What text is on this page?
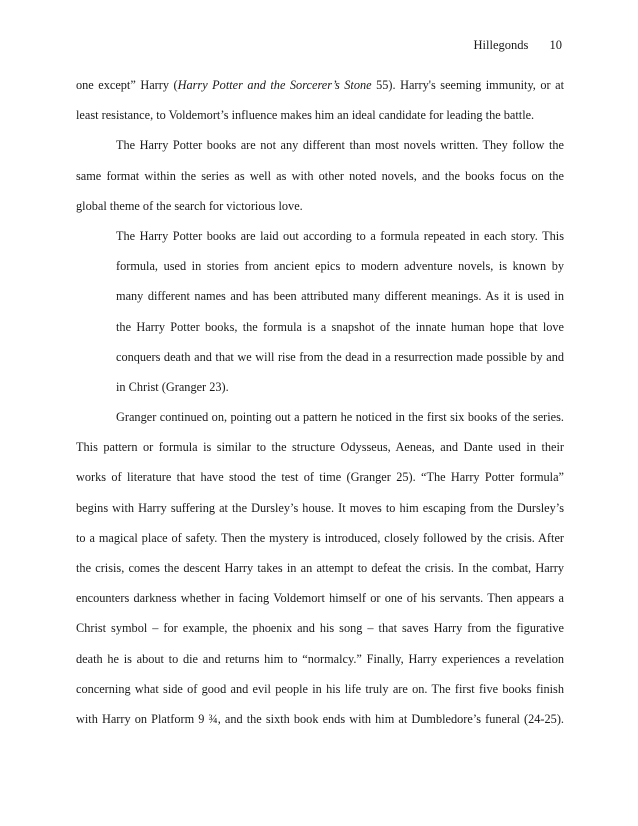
Hillegonds 10
one except” Harry (Harry Potter and the Sorcerer’s Stone 55). Harry's seeming immunity, or at
least resistance, to Voldemort’s influence makes him an ideal candidate for leading the battle.
The Harry Potter books are not any different than most novels written. They follow the
same format within the series as well as with other noted novels, and the books focus on the
global theme of the search for victorious love.
The Harry Potter books are laid out according to a formula repeated in each story. This
formula, used in stories from ancient epics to modern adventure novels, is known by
many different names and has been attributed many different meanings. As it is used in
the Harry Potter books, the formula is a snapshot of the innate human hope that love
conquers death and that we will rise from the dead in a resurrection made possible by and
in Christ (Granger 23).
Granger continued on, pointing out a pattern he noticed in the first six books of the series.
This pattern or formula is similar to the structure Odysseus, Aeneas, and Dante used in their
works of literature that have stood the test of time (Granger 25). “The Harry Potter formula”
begins with Harry suffering at the Dursley’s house. It moves to him escaping from the Dursley’s
to a magical place of safety. Then the mystery is introduced, closely followed by the crisis. After
the crisis, comes the descent Harry takes in an attempt to defeat the crisis. In the combat, Harry
encounters darkness whether in facing Voldemort himself or one of his servants. Then appears a
Christ symbol – for example, the phoenix and his song – that saves Harry from the figurative
death he is about to die and returns him to “normalcy.” Finally, Harry experiences a revelation
concerning what side of good and evil people in his life truly are on. The first five books finish
with Harry on Platform 9 ¾, and the sixth book ends with him at Dumbledore’s funeral (24-25).
